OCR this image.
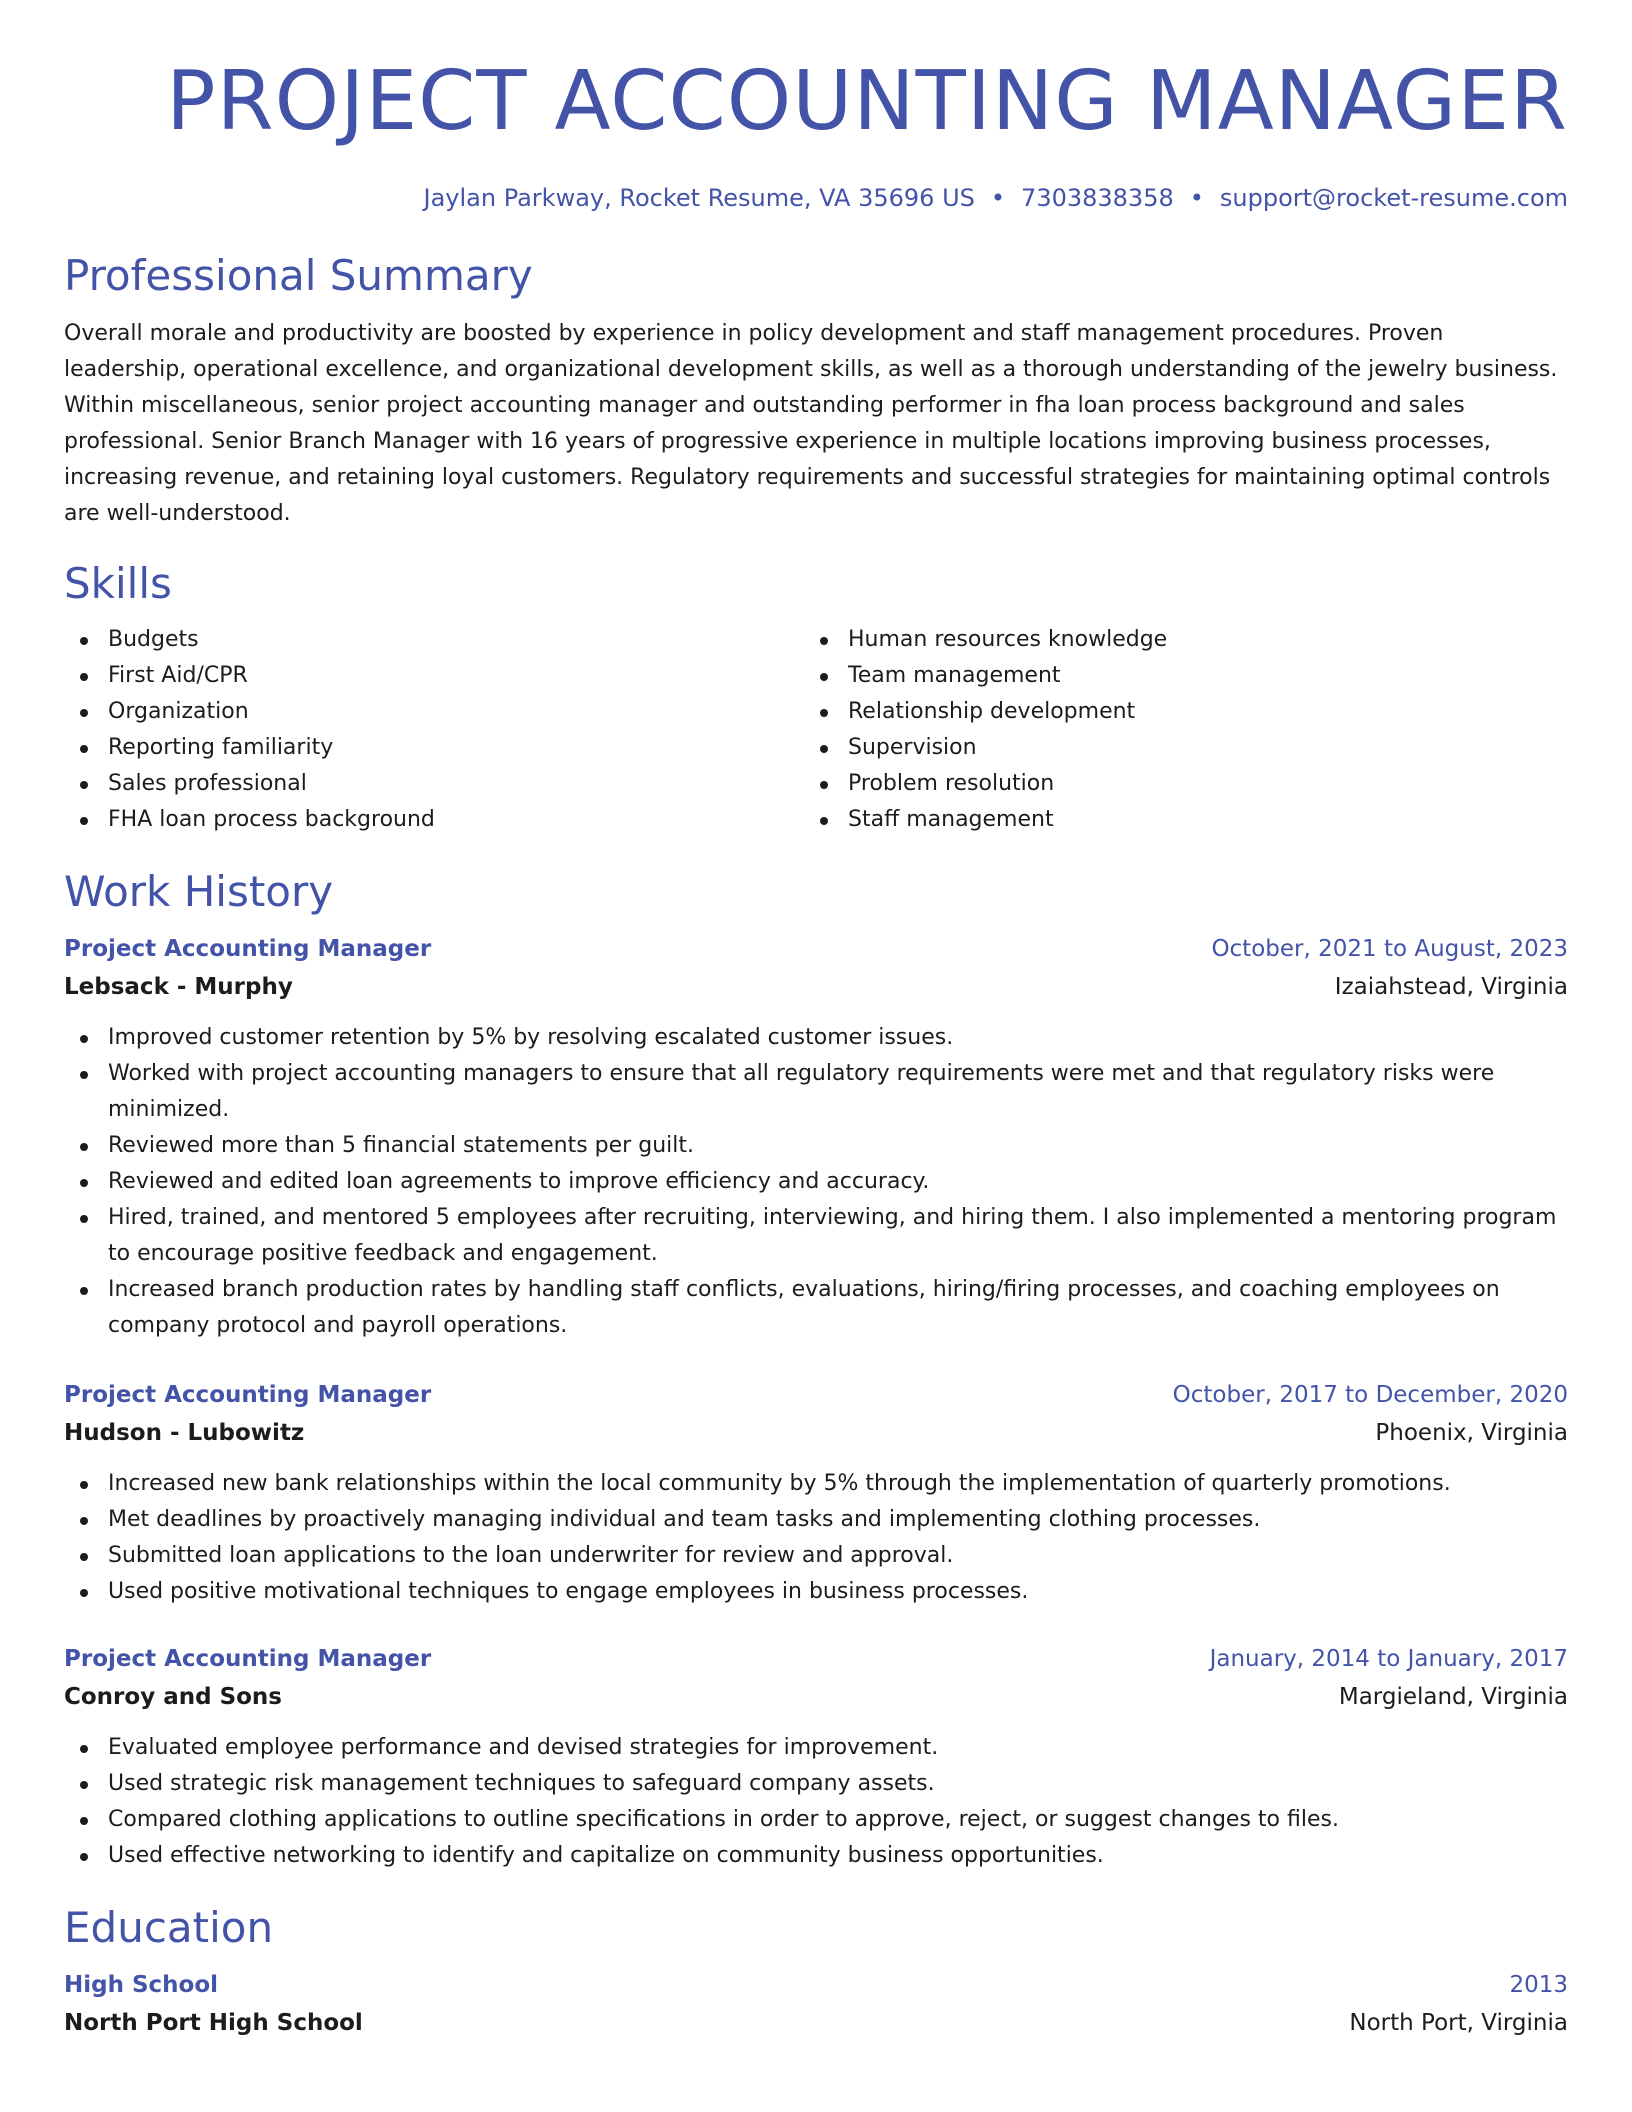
PROJECT ACCOUNTING MANAGER
Jaylan Parkway, Rocket Resume, VA 35696 US • 7303838358 • support@rocket-resume.com
Professional Summary

Overall morale and productivity are boosted by experience in policy development and staff management procedures. Proven leadership, operational excellence, and organizational development skills, as well as a thorough understanding of the jewelry business. Within miscellaneous, senior project accounting manager and outstanding performer in fha loan process background and sales professional. Senior Branch Manager with 16 years of progressive experience in multiple locations improving business processes, increasing revenue, and retaining loyal customers. Regulatory requirements and successful strategies for maintaining optimal controls are well-understood.

Skills
Budgets
First Aid/CPR
Organization
Reporting familiarity
Sales professional
FHA loan process background
Human resources knowledge
Team management
Relationship development
Supervision
Problem resolution
Staff management
Work History
Project Accounting Manager	October, 2021 to August, 2023
Lebsack - Murphy	Izaiahstead, Virginia
Improved customer retention by 5% by resolving escalated customer issues.
Worked with project accounting managers to ensure that all regulatory requirements were met and that regulatory risks were minimized.
Reviewed more than 5 financial statements per guilt.
Reviewed and edited loan agreements to improve efficiency and accuracy.
Hired, trained, and mentored 5 employees after recruiting, interviewing, and hiring them. I also implemented a mentoring program to encourage positive feedback and engagement.
Increased branch production rates by handling staff conflicts, evaluations, hiring/firing processes, and coaching employees on company protocol and payroll operations.
Project Accounting Manager	October, 2017 to December, 2020
Hudson - Lubowitz	Phoenix, Virginia
Increased new bank relationships within the local community by 5% through the implementation of quarterly promotions.
Met deadlines by proactively managing individual and team tasks and implementing clothing processes.
Submitted loan applications to the loan underwriter for review and approval.
Used positive motivational techniques to engage employees in business processes.
Project Accounting Manager	January, 2014 to January, 2017
Conroy and Sons	Margieland, Virginia
Evaluated employee performance and devised strategies for improvement.
Used strategic risk management techniques to safeguard company assets.
Compared clothing applications to outline specifications in order to approve, reject, or suggest changes to files.
Used effective networking to identify and capitalize on community business opportunities.
Education
High School	2013
North Port High School	North Port, Virginia
